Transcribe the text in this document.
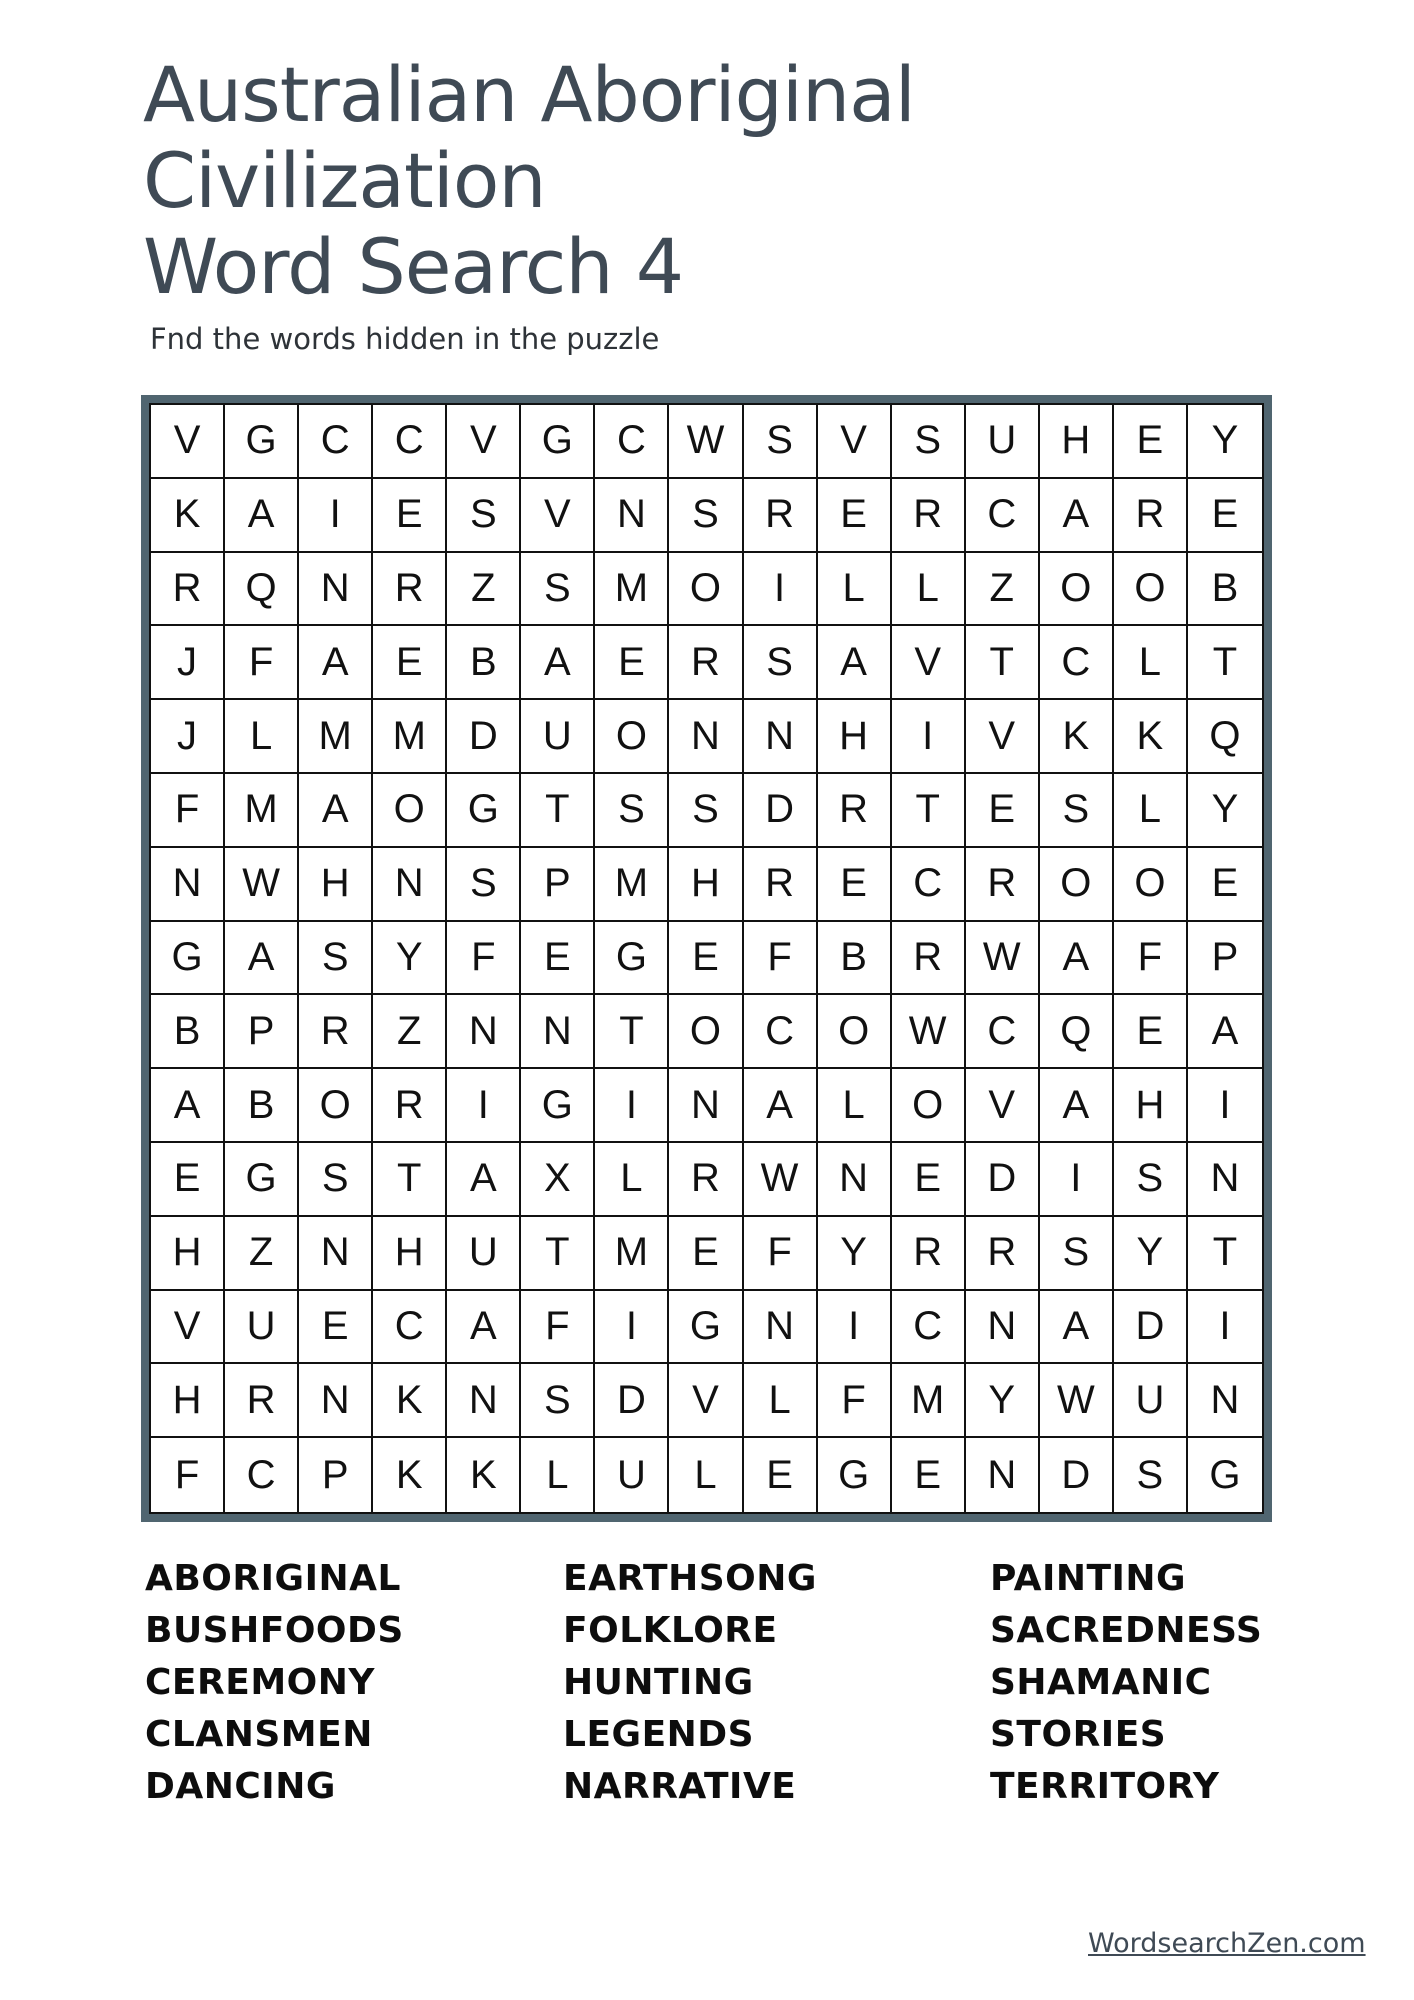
Australian Aboriginal
Civilization
Word Search 4
Fnd the words hidden in the puzzle
V	G	C	C	V	G	C	W	S	V	S	U	H	E	Y
K	A	I	E	S	V	N	S	R	E	R	C	A	R	E
R	Q	N	R	Z	S	M	O	I	L	L	Z	O	O	B
J	F	A	E	B	A	E	R	S	A	V	T	C	L	T
J	L	M	M	D	U	O	N	N	H	I	V	K	K	Q
F	M	A	O	G	T	S	S	D	R	T	E	S	L	Y
N	W	H	N	S	P	M	H	R	E	C	R	O	O	E
G	A	S	Y	F	E	G	E	F	B	R	W	A	F	P
B	P	R	Z	N	N	T	O	C	O W	C	Q	E	A
A	B	O	R	I	G	I	N	A	L	O	V	A	H	I
E	G	S	T	A	X	L	R	W	N	E	D	I	S	N
H	Z	N	H	U	T	M	E	F	Y	R	R	S	Y	T
V	U	E	C	A	F	I	G	N	I	C	N	A	D	I
H	R	N	K	N	S	D	V	L	F	M	Y	W	U	N
F	C	P	K	K	L	U	L	E	G	E	N	D	S	G
ABORIGINAL
BUSHFOODS
CEREMONY
CLANSMEN
DANCING
EARTHSONG
FOLKLORE
HUNTING
LEGENDS
NARRATIVE
PAINTING
SACREDNESS
SHAMANIC
STORIES
TERRITORY
WordsearchZen.com
